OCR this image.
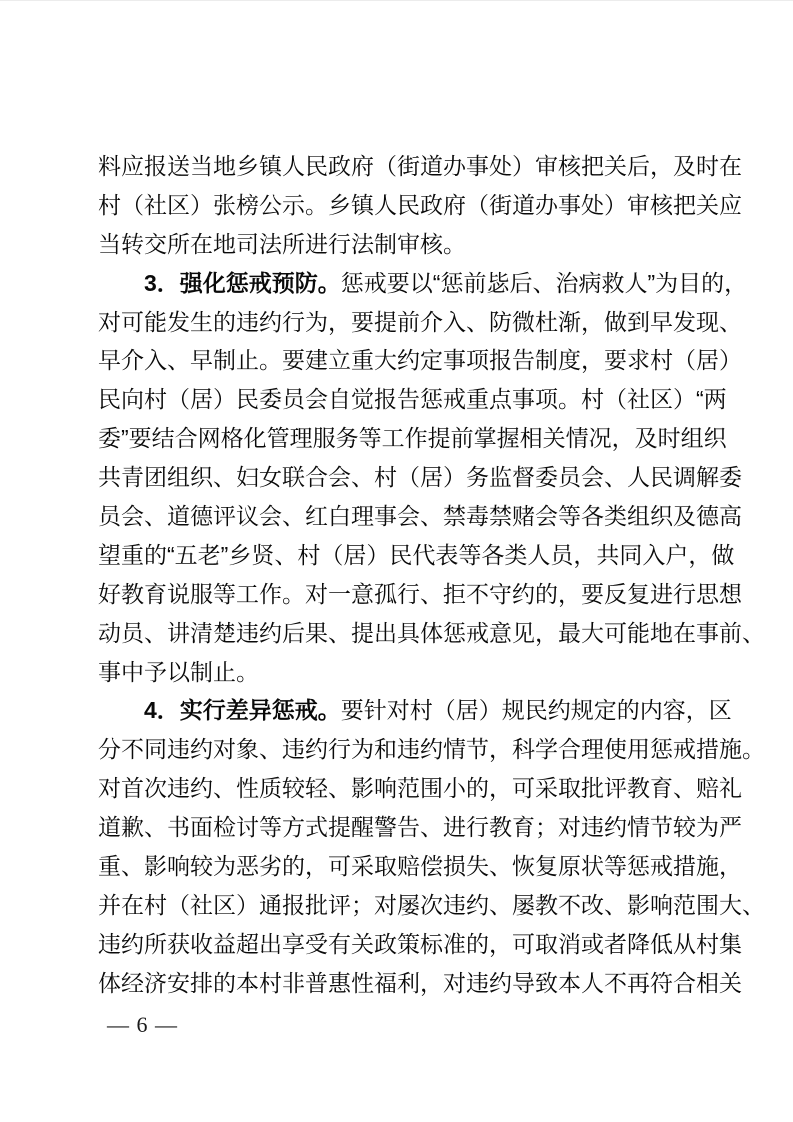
料应报送当地乡镇人民政府（街道办事处）审核把关后，及时在
村（社区）张榜公示。乡镇人民政府（街道办事处）审核把关应
当转交所在地司法所进行法制审核。
3．强化惩戒预防。惩戒要以“惩前毖后、治病救人”为目的，
对可能发生的违约行为，要提前介入、防微杜渐，做到早发现、
早介入、早制止。要建立重大约定事项报告制度，要求村（居）
民向村（居）民委员会自觉报告惩戒重点事项。村（社区）“两
委”要结合网格化管理服务等工作提前掌握相关情况，及时组织
共青团组织、妇女联合会、村（居）务监督委员会、人民调解委
员会、道德评议会、红白理事会、禁毒禁赌会等各类组织及德高
望重的“五老”乡贤、村（居）民代表等各类人员，共同入户，做
好教育说服等工作。对一意孤行、拒不守约的，要反复进行思想
动员、讲清楚违约后果、提出具体惩戒意见，最大可能地在事前、
事中予以制止。
4．实行差异惩戒。要针对村（居）规民约规定的内容，区
分不同违约对象、违约行为和违约情节，科学合理使用惩戒措施。
对首次违约、性质较轻、影响范围小的，可采取批评教育、赔礼
道歉、书面检讨等方式提醒警告、进行教育；对违约情节较为严
重、影响较为恶劣的，可采取赔偿损失、恢复原状等惩戒措施，
并在村（社区）通报批评；对屡次违约、屡教不改、影响范围大、
违约所获收益超出享受有关政策标准的，可取消或者降低从村集
体经济安排的本村非普惠性福利，对违约导致本人不再符合相关
— 6 —
